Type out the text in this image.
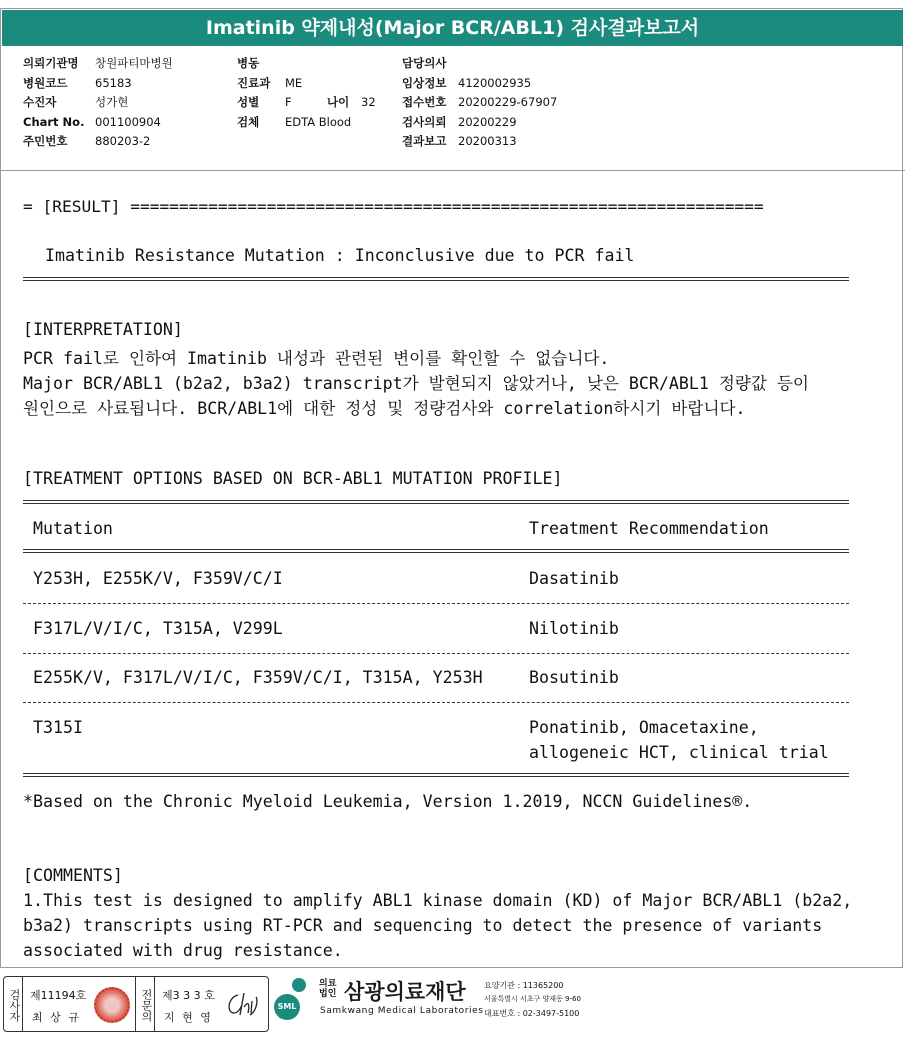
Imatinib 약제내성(Major BCR/ABL1) 검사결과보고서
의뢰기관명	창원파티마병원
병원코드	65183
수진자	성가현
Chart No. 001100904
주민번호	880203-2
병동
진료과	ME
성별	F	나이	32
검체	EDTA Blood
담당의사
임상정보	4120002935
접수번호	20200229-67907
검사의뢰	20200229
결과보고	20200313
= [RESULT] =================================================================
Imatinib Resistance Mutation : Inconclusive due to PCR fail
[INTERPRETATION]
PCR fail로 인하여 Imatinib 내성과 관련된 변이를 확인할 수 없습니다.
Major BCR/ABL1 (b2a2, b3a2) transcript가 발현되지 않았거나, 낮은 BCR/ABL1 정량값 등이
원인으로 사료됩니다. BCR/ABL1에 대한 정성 및 정량검사와 correlation하시기 바랍니다.
[TREATMENT OPTIONS BASED ON BCR-ABL1 MUTATION PROFILE]
Mutation	Treatment Recommendation
Y253H, E255K/V, F359V/C/I	Dasatinib
F317L/V/I/C, T315A, V299L	Nilotinib
E255K/V, F317L/V/I/C, F359V/C/I, T315A, Y253H	Bosutinib
T315I	Ponatinib, Omacetaxine,
allogeneic HCT, clinical trial
*Based on the Chronic Myeloid Leukemia, Version 1.2019, NCCN Guidelines®.
[COMMENTS]
1.This test is designed to amplify ABL1 kinase domain (KD) of Major BCR/ABL1 (b2a2,
b3a2) transcripts using RT-PCR and sequencing to detect the presence of variants
associated with drug resistance.
검사자 제11194호
최 상 규	전문의 제3 3 3 호
지 현 영
SML
의료
법인 삼광의료재단
Samkwang Medical Laboratories
요양기관 : 11365200
서울특별시 서초구 양재동 9-60
대표번호 : 02-3497-5100
